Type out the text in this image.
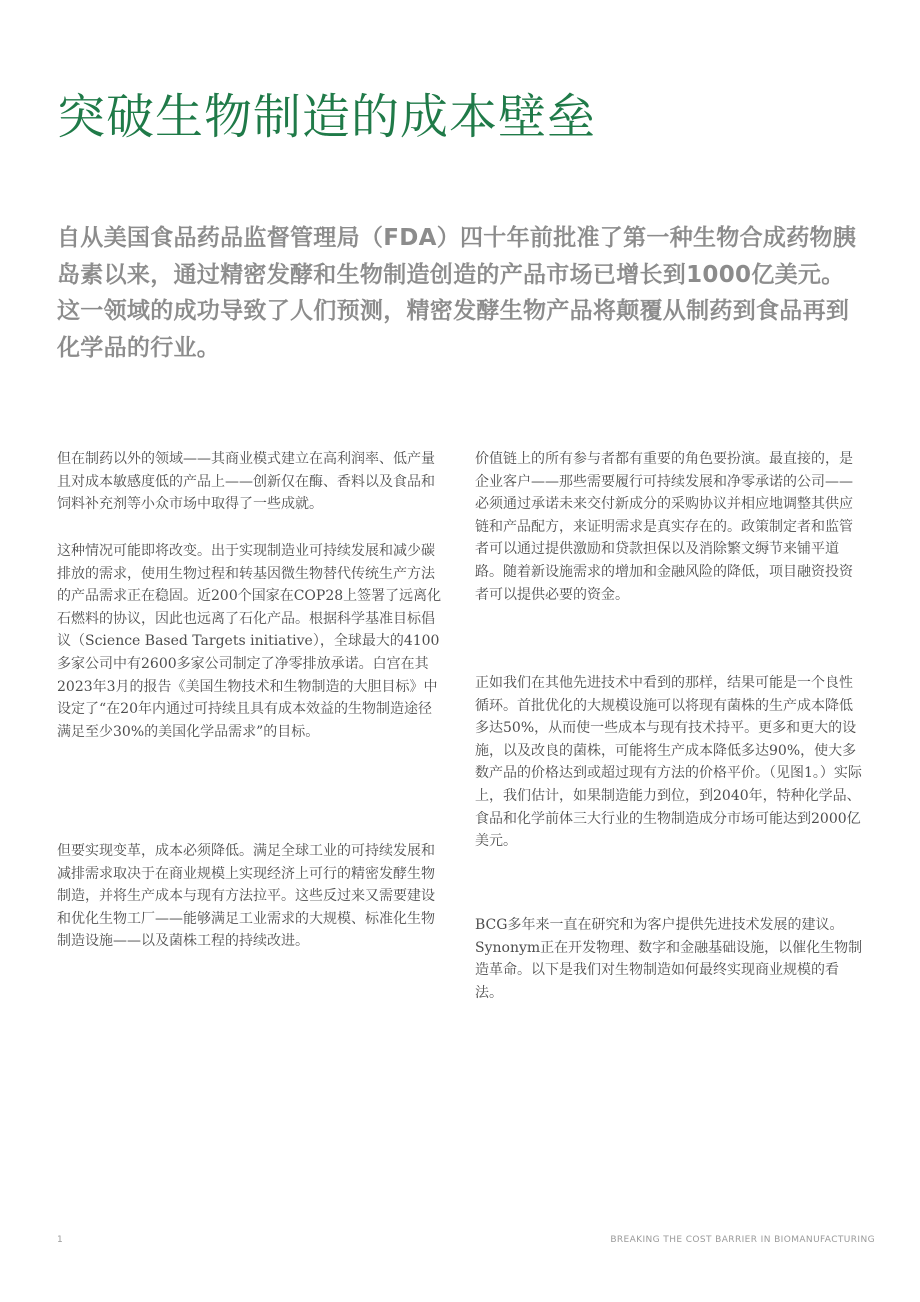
突破生物制造的成本壁垒

自从美国食品药品监督管理局（FDA）四十年前批准了第一种生物合成药物胰岛素以来，通过精密发酵和生物制造创造的产品市场已增长到1000亿美元。这一领域的成功导致了人们预测，精密发酵生物产品将颠覆从制药到食品再到化学品的行业。

但在制药以外的领域——其商业模式建立在高利润率、低产量且对成本敏感度低的产品上——创新仅在酶、香料以及食品和饲料补充剂等小众市场中取得了一些成就。

这种情况可能即将改变。出于实现制造业可持续发展和减少碳排放的需求，使用生物过程和转基因微生物替代传统生产方法的产品需求正在稳固。近200个国家在COP28上签署了远离化石燃料的协议，因此也远离了石化产品。根据科学基准目标倡议（Science Based Targets initiative），全球最大的4100多家公司中有2600多家公司制定了净零排放承诺。白宫在其2023年3月的报告《美国生物技术和生物制造的大胆目标》中设定了“在20年内通过可持续且具有成本效益的生物制造途径满足至少30%的美国化学品需求”的目标。

但要实现变革，成本必须降低。满足全球工业的可持续发展和减排需求取决于在商业规模上实现经济上可行的精密发酵生物制造，并将生产成本与现有方法拉平。这些反过来又需要建设和优化生物工厂——能够满足工业需求的大规模、标准化生物制造设施——以及菌株工程的持续改进。

价值链上的所有参与者都有重要的角色要扮演。最直接的，是企业客户——那些需要履行可持续发展和净零承诺的公司——必须通过承诺未来交付新成分的采购协议并相应地调整其供应链和产品配方，来证明需求是真实存在的。政策制定者和监管者可以通过提供激励和贷款担保以及消除繁文缛节来铺平道路。随着新设施需求的增加和金融风险的降低，项目融资投资者可以提供必要的资金。

正如我们在其他先进技术中看到的那样，结果可能是一个良性循环。首批优化的大规模设施可以将现有菌株的生产成本降低多达50%，从而使一些成本与现有技术持平。更多和更大的设施，以及改良的菌株，可能将生产成本降低多达90%，使大多数产品的价格达到或超过现有方法的价格平价。（见图1。）实际上，我们估计，如果制造能力到位，到2040年，特种化学品、食品和化学前体三大行业的生物制造成分市场可能达到2000亿美元。

BCG多年来一直在研究和为客户提供先进技术发展的建议。Synonym正在开发物理、数字和金融基础设施，以催化生物制造革命。以下是我们对生物制造如何最终实现商业规模的看法。

1	BREAKING THE COST BARRIER IN BIOMANUFACTURING
